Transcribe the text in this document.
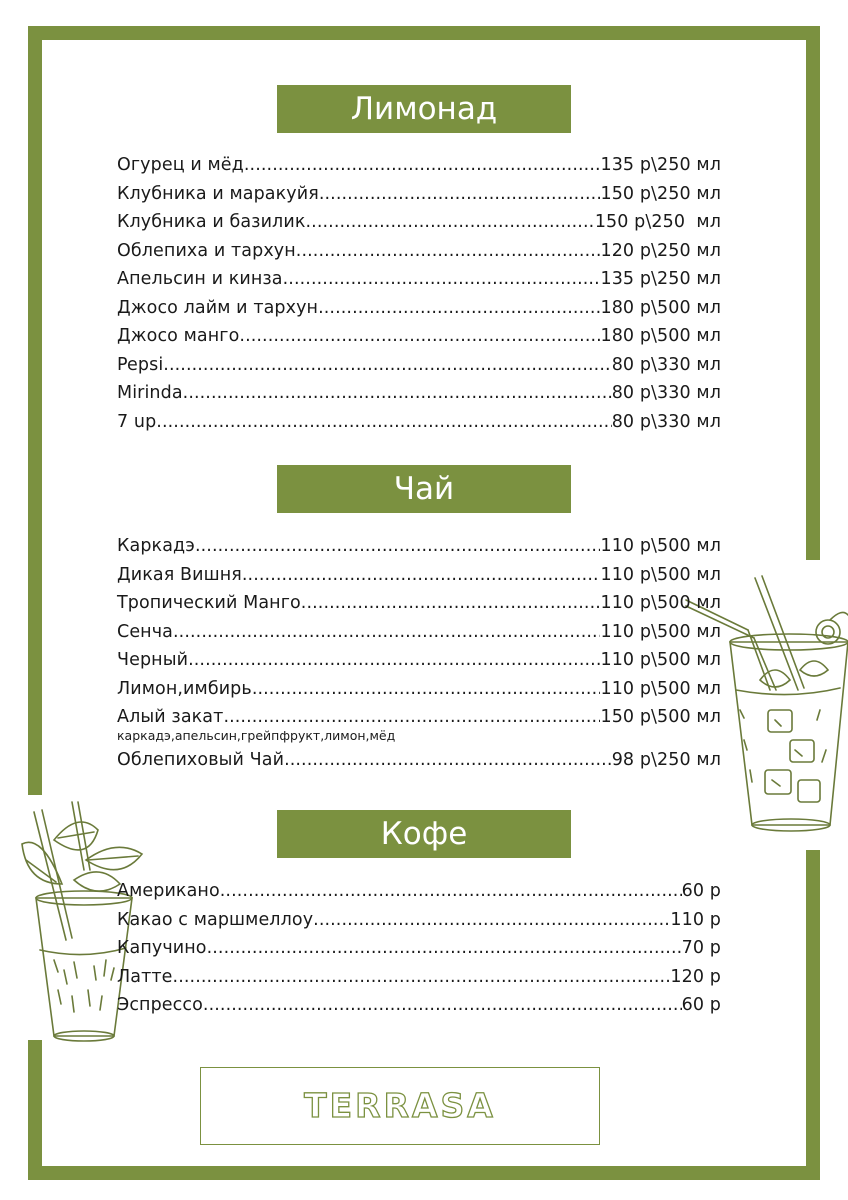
Лимонад
Огурец и мёд .....	135 р\250 мл
Клубника и маракуйя .....	150 р\250 мл
Клубника и базилик .....	150 р\250  мл
Облепиха и тархун .....	120 р\250 мл
Апельсин и кинза .....	135 р\250 мл
Джосо лайм и тархун .....	180 р\500 мл
Джосо манго .....	180 р\500 мл
Pepsi .....	80 р\330 мл
Mirinda .....	80 р\330 мл
7 up .....	80 р\330 мл
Чай
Каркадэ .....	110 р\500 мл
Дикая Вишня .....	110 р\500 мл
Тропический Манго .....	110 р\500 мл
Сенча .....	110 р\500 мл
Черный .....	110 р\500 мл
Лимон,имбирь .....	110 р\500 мл
Алый закат .....	150 р\500 мл
каркадэ,апельсин,грейпфрукт,лимон,мёд
Облепиховый Чай .....	98 р\250 мл
Кофе
Американо .....	60 р
Какао с маршмеллоу .....	110 р
Капучино .....	70 р
Латте .....	120 р
Эспрессо .....	60 р
TERRASA
